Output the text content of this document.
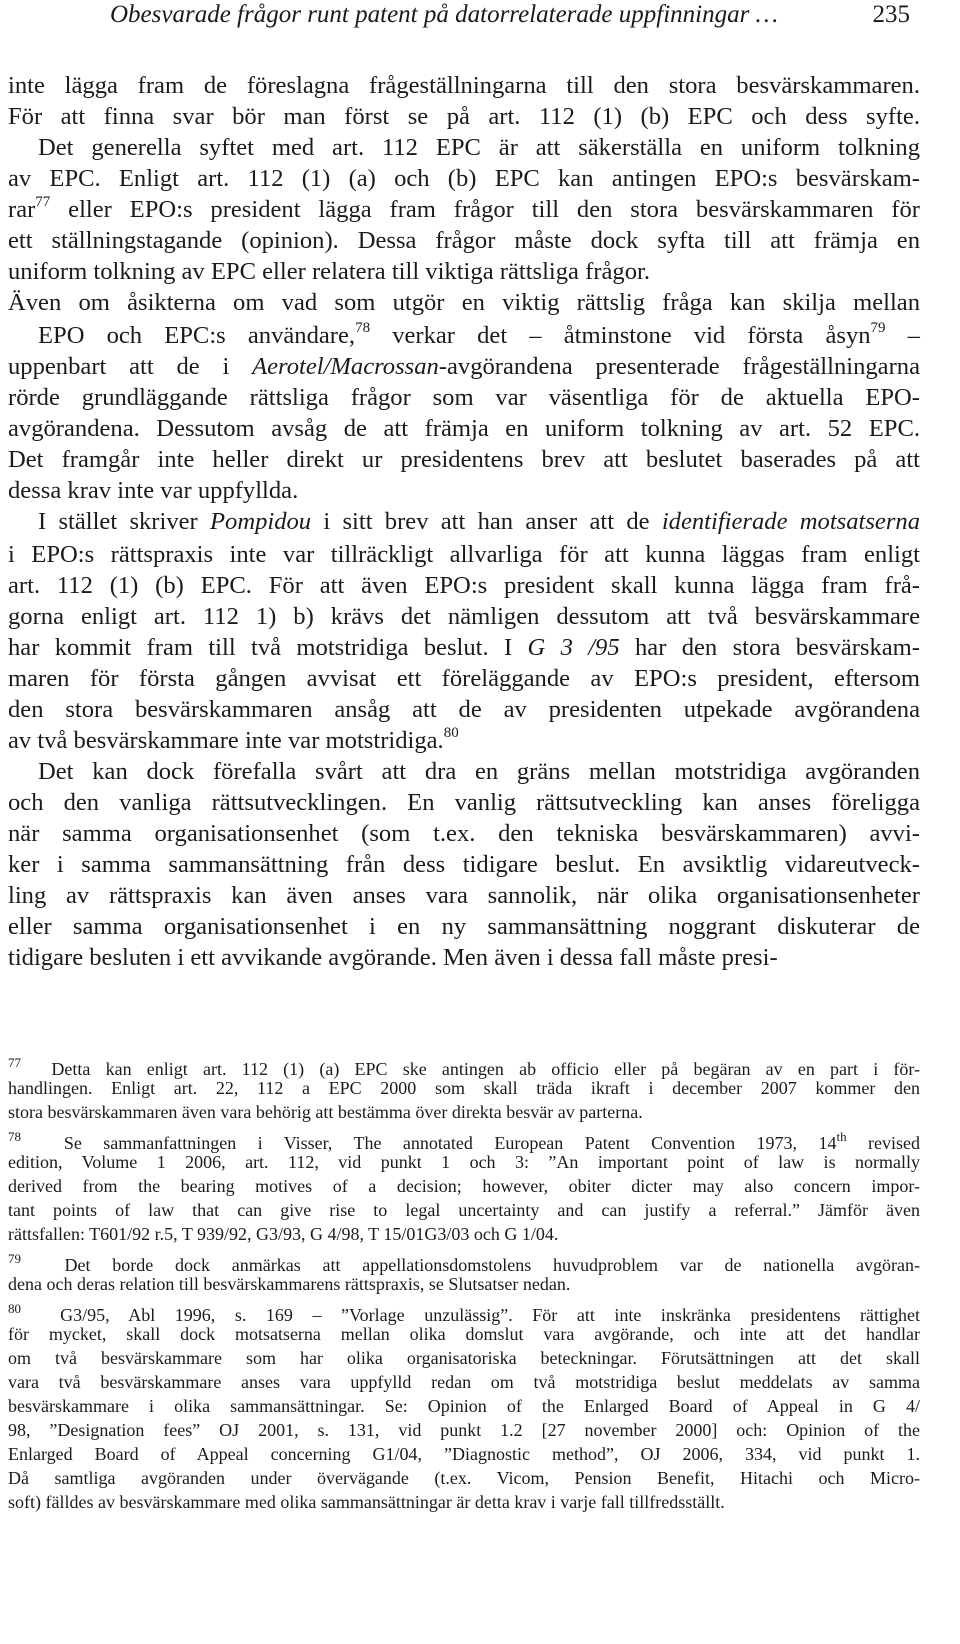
Obesvarade frågor runt patent på datorrelaterade uppfinningar …	235
inte lägga fram de föreslagna frågeställningarna till den stora besvärskammaren.
För att finna svar bör man först se på art. 112 (1) (b) EPC och dess syfte.
Det generella syftet med art. 112 EPC är att säkerställa en uniform tolkning
av EPC. Enligt art. 112 (1) (a) och (b) EPC kan antingen EPO:s besvärskam-
rar$^{77}$ eller EPO:s president lägga fram frågor till den stora besvärskammaren för
ett ställningstagande (opinion). Dessa frågor måste dock syfta till att främja en
uniform tolkning av EPC eller relatera till viktiga rättsliga frågor.
Även om åsikterna om vad som utgör en viktig rättslig fråga kan skilja mellan
EPO och EPC:s användare,$^{78}$ verkar det – åtminstone vid första åsyn$^{79}$ –
uppenbart att de i Aerotel/Macrossan-avgörandena presenterade frågeställningarna
rörde grundläggande rättsliga frågor som var väsentliga för de aktuella EPO-
avgörandena. Dessutom avsåg de att främja en uniform tolkning av art. 52 EPC.
Det framgår inte heller direkt ur presidentens brev att beslutet baserades på att
dessa krav inte var uppfyllda.
I stället skriver Pompidou i sitt brev att han anser att de identifierade motsatserna
i EPO:s rättspraxis inte var tillräckligt allvarliga för att kunna läggas fram enligt
art. 112 (1) (b) EPC. För att även EPO:s president skall kunna lägga fram frå-
gorna enligt art. 112 1) b) krävs det nämligen dessutom att två besvärskammare
har kommit fram till två motstridiga beslut. I G 3 /95 har den stora besvärskam-
maren för första gången avvisat ett föreläggande av EPO:s president, eftersom
den stora besvärskammaren ansåg att de av presidenten utpekade avgörandena
av två besvärskammare inte var motstridiga.$^{80}$
Det kan dock förefalla svårt att dra en gräns mellan motstridiga avgöranden
och den vanliga rättsutvecklingen. En vanlig rättsutveckling kan anses föreligga
när samma organisationsenhet (som t.ex. den tekniska besvärskammaren) avvi-
ker i samma sammansättning från dess tidigare beslut. En avsiktlig vidareutveck-
ling av rättspraxis kan även anses vara sannolik, när olika organisationsenheter
eller samma organisationsenhet i en ny sammansättning noggrant diskuterar de
tidigare besluten i ett avvikande avgörande. Men även i dessa fall måste presi-
$^{77}$ Detta kan enligt art. 112 (1) (a) EPC ske antingen ab officio eller på begäran av en part i för-
handlingen. Enligt art. 22, 112 a EPC 2000 som skall träda ikraft i december 2007 kommer den
stora besvärskammaren även vara behörig att bestämma över direkta besvär av parterna.
$^{78}$ Se sammanfattningen i Visser, The annotated European Patent Convention 1973, 14th revised
edition, Volume 1 2006, art. 112, vid punkt 1 och 3: ”An important point of law is normally
derived from the bearing motives of a decision; however, obiter dicter may also concern impor-
tant points of law that can give rise to legal uncertainty and can justify a referral.” Jämför även
rättsfallen: T601/92 r.5, T 939/92, G3/93, G 4/98, T 15/01G3/03 och G 1/04.
$^{79}$ Det borde dock anmärkas att appellationsdomstolens huvudproblem var de nationella avgöran-
dena och deras relation till besvärskammarens rättspraxis, se Slutsatser nedan.
$^{80}$ G3/95, Abl 1996, s. 169 – ”Vorlage unzulässig”. För att inte inskränka presidentens rättighet
för mycket, skall dock motsatserna mellan olika domslut vara avgörande, och inte att det handlar
om två besvärskammare som har olika organisatoriska beteckningar. Förutsättningen att det skall
vara två besvärskammare anses vara uppfylld redan om två motstridiga beslut meddelats av samma
besvärskammare i olika sammansättningar. Se: Opinion of the Enlarged Board of Appeal in G 4/
98, ”Designation fees” OJ 2001, s. 131, vid punkt 1.2 [27 november 2000] och: Opinion of the
Enlarged Board of Appeal concerning G1/04, ”Diagnostic method”, OJ 2006, 334, vid punkt 1.
Då samtliga avgöranden under övervägande (t.ex. Vicom, Pension Benefit, Hitachi och Micro-
soft) fälldes av besvärskammare med olika sammansättningar är detta krav i varje fall tillfredsställt.
